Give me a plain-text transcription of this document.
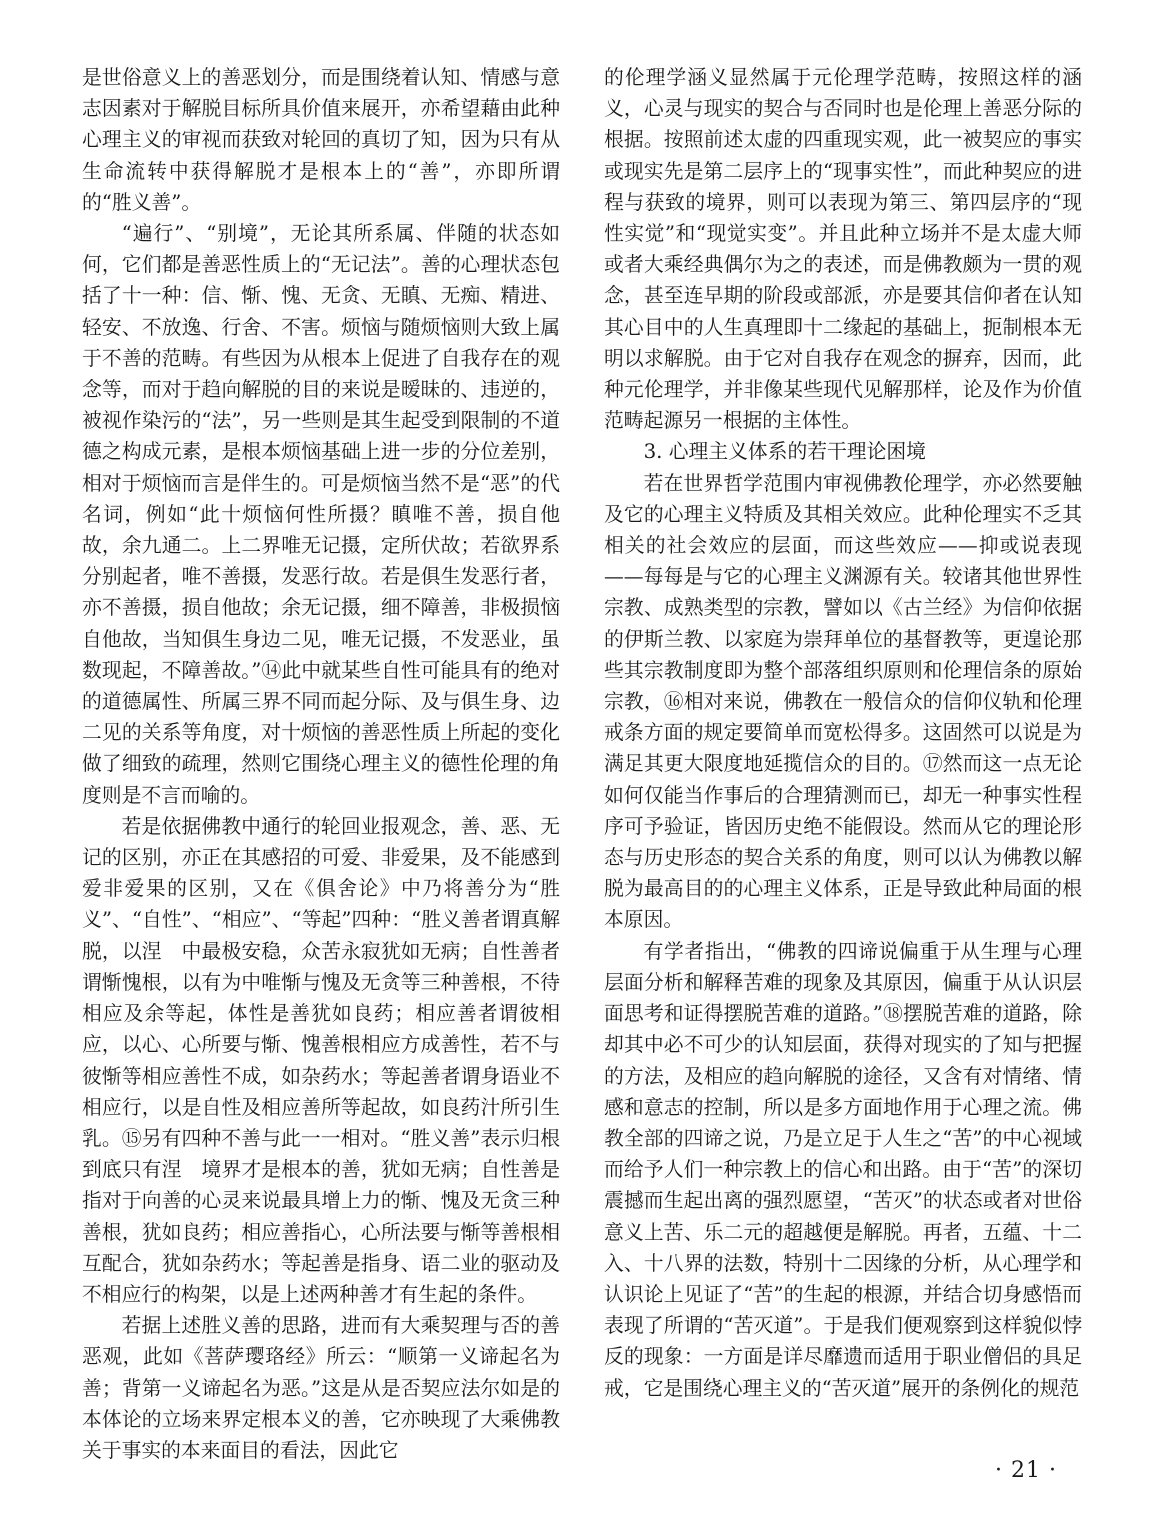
是世俗意义上的善恶划分，而是围绕着认知、情感与意志因素对于解脱目标所具价值来展开，亦希望藉由此种心理主义的审视而获致对轮回的真切了知，因为只有从生命流转中获得解脱才是根本上的“善”，亦即所谓的“胜义善”。

“遍行”、“别境”，无论其所系属、伴随的状态如何，它们都是善恶性质上的“无记法”。善的心理状态包括了十一种：信、惭、愧、无贪、无瞋、无痴、精进、轻安、不放逸、行舍、不害。烦恼与随烦恼则大致上属于不善的范畴。有些因为从根本上促进了自我存在的观念等，而对于趋向解脱的目的来说是暧昧的、违逆的，被视作染污的“法”，另一些则是其生起受到限制的不道德之构成元素，是根本烦恼基础上进一步的分位差别，相对于烦恼而言是伴生的。可是烦恼当然不是“恶”的代名词，例如“此十烦恼何性所摄？瞋唯不善，损自他故，余九通二。上二界唯无记摄，定所伏故；若欲界系分别起者，唯不善摄，发恶行故。若是俱生发恶行者，亦不善摄，损自他故；余无记摄，细不障善，非极损恼自他故，当知俱生身边二见，唯无记摄，不发恶业，虽数现起，不障善故。”⑭此中就某些自性可能具有的绝对的道德属性、所属三界不同而起分际、及与俱生身、边二见的关系等角度，对十烦恼的善恶性质上所起的变化做了细致的疏理，然则它围绕心理主义的德性伦理的角度则是不言而喻的。

若是依据佛教中通行的轮回业报观念，善、恶、无记的区别，亦正在其感招的可爱、非爱果，及不能感到爱非爱果的区别，又在《俱舍论》中乃将善分为“胜义”、“自性”、“相应”、“等起”四种：“胜义善者谓真解脱，以涅　中最极安稳，众苦永寂犹如无病；自性善者谓惭愧根，以有为中唯惭与愧及无贪等三种善根，不待相应及余等起，体性是善犹如良药；相应善者谓彼相应，以心、心所要与惭、愧善根相应方成善性，若不与彼惭等相应善性不成，如杂药水；等起善者谓身语业不相应行，以是自性及相应善所等起故，如良药汁所引生乳。⑮另有四种不善与此一一相对。“胜义善”表示归根到底只有涅　境界才是根本的善，犹如无病；自性善是指对于向善的心灵来说最具增上力的惭、愧及无贪三种善根，犹如良药；相应善指心，心所法要与惭等善根相互配合，犹如杂药水；等起善是指身、语二业的驱动及不相应行的构架，以是上述两种善才有生起的条件。

若据上述胜义善的思路，进而有大乘契理与否的善恶观，此如《菩萨璎珞经》所云：“顺第一义谛起名为善；背第一义谛起名为恶。”这是从是否契应法尔如是的本体论的立场来界定根本义的善，它亦映现了大乘佛教关于事实的本来面目的看法，因此它

的伦理学涵义显然属于元伦理学范畴，按照这样的涵义，心灵与现实的契合与否同时也是伦理上善恶分际的根据。按照前述太虚的四重现实观，此一被契应的事实或现实先是第二层序上的“现事实性”，而此种契应的进程与获致的境界，则可以表现为第三、第四层序的“现性实觉”和“现觉实变”。并且此种立场并不是太虚大师或者大乘经典偶尔为之的表述，而是佛教颇为一贯的观念，甚至连早期的阶段或部派，亦是要其信仰者在认知其心目中的人生真理即十二缘起的基础上，扼制根本无明以求解脱。由于它对自我存在观念的摒弃，因而，此种元伦理学，并非像某些现代见解那样，论及作为价值范畴起源另一根据的主体性。

3. 心理主义体系的若干理论困境

若在世界哲学范围内审视佛教伦理学，亦必然要触及它的心理主义特质及其相关效应。此种伦理实不乏其相关的社会效应的层面，而这些效应——抑或说表现——每每是与它的心理主义渊源有关。较诸其他世界性宗教、成熟类型的宗教，譬如以《古兰经》为信仰依据的伊斯兰教、以家庭为崇拜单位的基督教等，更遑论那些其宗教制度即为整个部落组织原则和伦理信条的原始宗教，⑯相对来说，佛教在一般信众的信仰仪轨和伦理戒条方面的规定要简单而宽松得多。这固然可以说是为满足其更大限度地延揽信众的目的。⑰然而这一点无论如何仅能当作事后的合理猜测而已，却无一种事实性程序可予验证，皆因历史绝不能假设。然而从它的理论形态与历史形态的契合关系的角度，则可以认为佛教以解脱为最高目的的心理主义体系，正是导致此种局面的根本原因。

有学者指出，“佛教的四谛说偏重于从生理与心理层面分析和解释苦难的现象及其原因，偏重于从认识层面思考和证得摆脱苦难的道路。”⑱摆脱苦难的道路，除却其中必不可少的认知层面，获得对现实的了知与把握的方法，及相应的趋向解脱的途径，又含有对情绪、情感和意志的控制，所以是多方面地作用于心理之流。佛教全部的四谛之说，乃是立足于人生之“苦”的中心视域而给予人们一种宗教上的信心和出路。由于“苦”的深切震撼而生起出离的强烈愿望，“苦灭”的状态或者对世俗意义上苦、乐二元的超越便是解脱。再者，五蕴、十二入、十八界的法数，特别十二因缘的分析，从心理学和认识论上见证了“苦”的生起的根源，并结合切身感悟而表现了所谓的“苦灭道”。于是我们便观察到这样貌似悖反的现象：一方面是详尽靡遗而适用于职业僧侣的具足戒，它是围绕心理主义的“苦灭道”展开的条例化的规范

· 21 ·
